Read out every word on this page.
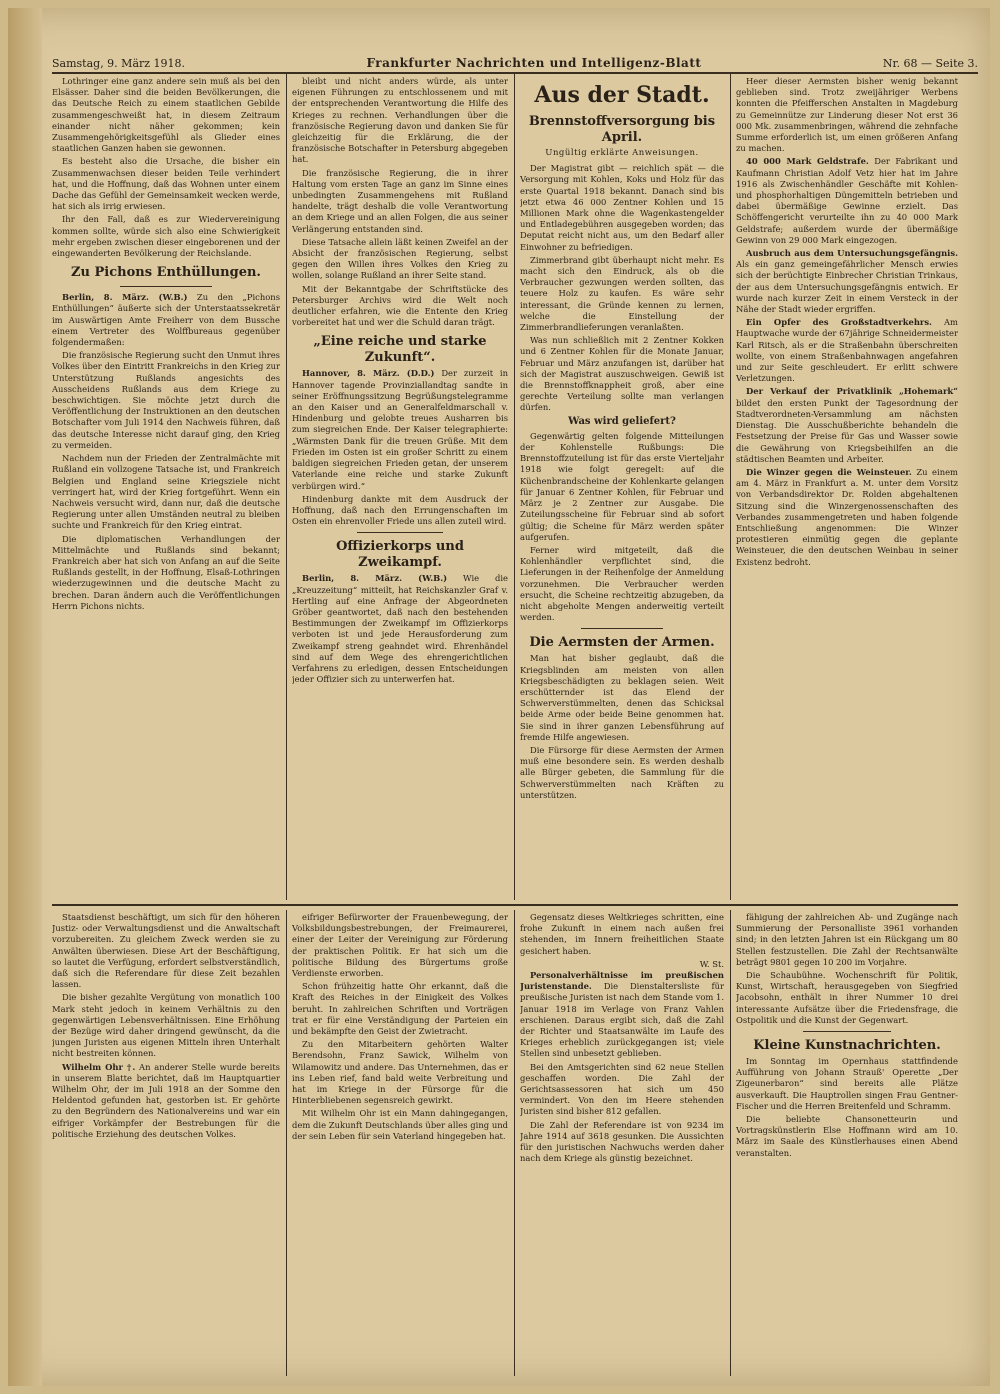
Samstag, 9. März 1918.	Frankfurter Nachrichten und Intelligenz-Blatt	Nr. 68 — Seite 3.

Lothringer eine ganz andere sein muß als bei den Elsässer. Daher sind die beiden Bevölkerungen, die das Deutsche Reich zu einem staatlichen Gebilde zusammengeschweißt hat, in diesem Zeitraum einander nicht näher gekommen; kein Zusammengehörigkeitsgefühl als Glieder eines staatlichen Ganzen haben sie gewonnen.

Es besteht also die Ursache, die bisher ein Zusammenwachsen dieser beiden Teile verhindert hat, und die Hoffnung, daß das Wohnen unter einem Dache das Gefühl der Gemeinsamkeit wecken werde, hat sich als irrig erwiesen.

Ihr den Fall, daß es zur Wiedervereinigung kommen sollte, würde sich also eine Schwierigkeit mehr ergeben zwischen dieser eingeborenen und der eingewanderten Bevölkerung der Reichslande.

Zu Pichons Enthüllungen.

Berlin, 8. März. (W.B.) Zu den „Pichons Enthüllungen“ äußerte sich der Unterstaatssekretär im Auswärtigen Amte Freiherr von dem Bussche einem Vertreter des Wolffbureaus gegenüber folgendermaßen:

Die französische Regierung sucht den Unmut ihres Volkes über den Eintritt Frankreichs in den Krieg zur Unterstützung Rußlands angesichts des Ausscheidens Rußlands aus dem Kriege zu beschwichtigen. Sie möchte jetzt durch die Veröffentlichung der Instruktionen an den deutschen Botschafter vom Juli 1914 den Nachweis führen, daß das deutsche Interesse nicht darauf ging, den Krieg zu vermeiden.

Nachdem nun der Frieden der Zentralmächte mit Rußland ein vollzogene Tatsache ist, und Frankreich Belgien und England seine Kriegsziele nicht verringert hat, wird der Krieg fortgeführt. Wenn ein Nachweis versucht wird, dann nur, daß die deutsche Regierung unter allen Umständen neutral zu bleiben suchte und Frankreich für den Krieg eintrat.

Die diplomatischen Verhandlungen der Mittelmächte und Rußlands sind bekannt; Frankreich aber hat sich von Anfang an auf die Seite Rußlands gestellt, in der Hoffnung, Elsaß-Lothringen wiederzugewinnen und die deutsche Macht zu brechen. Daran ändern auch die Veröffentlichungen Herrn Pichons nichts.

bleibt und nicht anders würde, als unter eigenen Führungen zu entschlossenem und mit der entsprechenden Verantwortung die Hilfe des Krieges zu rechnen. Verhandlungen über die französische Regierung davon und danken Sie für gleichzeitig für die Erklärung, die der französische Botschafter in Petersburg abgegeben hat.

Die französische Regierung, die in ihrer Haltung vom ersten Tage an ganz im Sinne eines unbedingten Zusammengehens mit Rußland handelte, trägt deshalb die volle Verantwortung an dem Kriege und an allen Folgen, die aus seiner Verlängerung entstanden sind.

Diese Tatsache allein läßt keinen Zweifel an der Absicht der französischen Regierung, selbst gegen den Willen ihres Volkes den Krieg zu wollen, solange Rußland an ihrer Seite stand.

Mit der Bekanntgabe der Schriftstücke des Petersburger Archivs wird die Welt noch deutlicher erfahren, wie die Entente den Krieg vorbereitet hat und wer die Schuld daran trägt.

„Eine reiche und starke Zukunft“.

Hannover, 8. März. (D.D.) Der zurzeit in Hannover tagende Provinziallandtag sandte in seiner Eröffnungssitzung Begrüßungstelegramme an den Kaiser und an Generalfeldmarschall v. Hindenburg und gelobte treues Ausharren bis zum siegreichen Ende. Der Kaiser telegraphierte: „Wärmsten Dank für die treuen Grüße. Mit dem Frieden im Osten ist ein großer Schritt zu einem baldigen siegreichen Frieden getan, der unserem Vaterlande eine reiche und starke Zukunft verbürgen wird.“

Hindenburg dankte mit dem Ausdruck der Hoffnung, daß nach den Errungenschaften im Osten ein ehrenvoller Friede uns allen zuteil wird.

Offizierkorps und Zweikampf.

Berlin, 8. März. (W.B.) Wie die „Kreuzzeitung“ mitteilt, hat Reichskanzler Graf v. Hertling auf eine Anfrage der Abgeordneten Gröber geantwortet, daß nach den bestehenden Bestimmungen der Zweikampf im Offizierkorps verboten ist und jede Herausforderung zum Zweikampf streng geahndet wird. Ehrenhändel sind auf dem Wege des ehrengerichtlichen Verfahrens zu erledigen, dessen Entscheidungen jeder Offizier sich zu unterwerfen hat.

Aus der Stadt.
Brennstoffversorgung bis April.
Ungültig erklärte Anweisungen.

Der Magistrat gibt — reichlich spät — die Versorgung mit Kohlen, Koks und Holz für das erste Quartal 1918 bekannt. Danach sind bis jetzt etwa 46 000 Zentner Kohlen und 15 Millionen Mark ohne die Wagenkastengelder und Entladegebühren ausgegeben worden; das Deputat reicht nicht aus, um den Bedarf aller Einwohner zu befriedigen.

Zimmerbrand gibt überhaupt nicht mehr. Es macht sich den Eindruck, als ob die Verbraucher gezwungen werden sollten, das teuere Holz zu kaufen. Es wäre sehr interessant, die Gründe kennen zu lernen, welche die Einstellung der Zimmerbrandlieferungen veranlaßten.

Was nun schließlich mit 2 Zentner Kokken und 6 Zentner Kohlen für die Monate Januar, Februar und März anzufangen ist, darüber hat sich der Magistrat auszuschweigen. Gewiß ist die Brennstoffknappheit groß, aber eine gerechte Verteilung sollte man verlangen dürfen.

Was wird geliefert?

Gegenwärtig gelten folgende Mitteilungen der Kohlenstelle Rußbungs: Die Brennstoffzuteilung ist für das erste Vierteljahr 1918 wie folgt geregelt: auf die Küchenbrandscheine der Kohlenkarte gelangen für Januar 6 Zentner Kohlen, für Februar und März je 2 Zentner zur Ausgabe. Die Zuteilungsscheine für Februar sind ab sofort gültig; die Scheine für März werden später aufgerufen.

Ferner wird mitgeteilt, daß die Kohlenhändler verpflichtet sind, die Lieferungen in der Reihenfolge der Anmeldung vorzunehmen. Die Verbraucher werden ersucht, die Scheine rechtzeitig abzugeben, da nicht abgeholte Mengen anderweitig verteilt werden.

Die Aermsten der Armen.

Man hat bisher geglaubt, daß die Kriegsblinden am meisten von allen Kriegsbeschädigten zu beklagen seien. Weit erschütternder ist das Elend der Schwerverstümmelten, denen das Schicksal beide Arme oder beide Beine genommen hat. Sie sind in ihrer ganzen Lebensführung auf fremde Hilfe angewiesen.

Die Fürsorge für diese Aermsten der Armen muß eine besondere sein. Es werden deshalb alle Bürger gebeten, die Sammlung für die Schwerverstümmelten nach Kräften zu unterstützen.

Heer dieser Aermsten bisher wenig bekannt geblieben sind. Trotz zweijähriger Werbens konnten die Pfeifferschen Anstalten in Magdeburg zu Gemeinnütze zur Linderung dieser Not erst 36 000 Mk. zusammenbringen, während die zehnfache Summe erforderlich ist, um einen größeren Anfang zu machen.

40 000 Mark Geldstrafe. Der Fabrikant und Kaufmann Christian Adolf Vetz hier hat im Jahre 1916 als Zwischenhändler Geschäfte mit Kohlen- und phosphorhaltigen Düngemitteln betrieben und dabei übermäßige Gewinne erzielt. Das Schöffengericht verurteilte ihn zu 40 000 Mark Geldstrafe; außerdem wurde der übermäßige Gewinn von 29 000 Mark eingezogen.

Ausbruch aus dem Untersuchungsgefängnis. Als ein ganz gemeingefährlicher Mensch erwies sich der berüchtigte Einbrecher Christian Trinkaus, der aus dem Untersuchungsgefängnis entwich. Er wurde nach kurzer Zeit in einem Versteck in der Nähe der Stadt wieder ergriffen.

Ein Opfer des Großstadtverkehrs. Am Hauptwache wurde der 67jährige Schneidermeister Karl Ritsch, als er die Straßenbahn überschreiten wollte, von einem Straßenbahnwagen angefahren und zur Seite geschleudert. Er erlitt schwere Verletzungen.

Der Verkauf der Privatklinik „Hohemark“ bildet den ersten Punkt der Tagesordnung der Stadtverordneten-Versammlung am nächsten Dienstag. Die Ausschußberichte behandeln die Festsetzung der Preise für Gas und Wasser sowie die Gewährung von Kriegsbeihilfen an die städtischen Beamten und Arbeiter.

Die Winzer gegen die Weinsteuer. Zu einem am 4. März in Frankfurt a. M. unter dem Vorsitz von Verbandsdirektor Dr. Rolden abgehaltenen Sitzung sind die Winzergenossenschaften des Verbandes zusammengetreten und haben folgende Entschließung angenommen: Die Winzer protestieren einmütig gegen die geplante Weinsteuer, die den deutschen Weinbau in seiner Existenz bedroht.

Staatsdienst beschäftigt, um sich für den höheren Justiz- oder Verwaltungsdienst und die Anwaltschaft vorzubereiten. Zu gleichem Zweck werden sie zu Anwälten überwiesen. Diese Art der Beschäftigung, so lautet die Verfügung, erfordert selbstverständlich, daß sich die Referendare für diese Zeit bezahlen lassen.

Die bisher gezahlte Vergütung von monatlich 100 Mark steht jedoch in keinem Verhältnis zu den gegenwärtigen Lebensverhältnissen. Eine Erhöhung der Bezüge wird daher dringend gewünscht, da die jungen Juristen aus eigenen Mitteln ihren Unterhalt nicht bestreiten können.

Wilhelm Ohr †. An anderer Stelle wurde bereits in unserem Blatte berichtet, daß im Hauptquartier Wilhelm Ohr, der im Juli 1918 an der Somme den Heldentod gefunden hat, gestorben ist. Er gehörte zu den Begründern des Nationalvereins und war ein eifriger Vorkämpfer der Bestrebungen für die politische Erziehung des deutschen Volkes.

eifriger Befürworter der Frauenbewegung, der Volksbildungsbestrebungen, der Freimaurerei, einer der Leiter der Vereinigung zur Förderung der praktischen Politik. Er hat sich um die politische Bildung des Bürgertums große Verdienste erworben.

Schon frühzeitig hatte Ohr erkannt, daß die Kraft des Reiches in der Einigkeit des Volkes beruht. In zahlreichen Schriften und Vorträgen trat er für eine Verständigung der Parteien ein und bekämpfte den Geist der Zwietracht.

Zu den Mitarbeitern gehörten Walter Berendsohn, Franz Sawick, Wilhelm von Wilamowitz und andere. Das Unternehmen, das er ins Leben rief, fand bald weite Verbreitung und hat im Kriege in der Fürsorge für die Hinterbliebenen segensreich gewirkt.

Mit Wilhelm Ohr ist ein Mann dahingegangen, dem die Zukunft Deutschlands über alles ging und der sein Leben für sein Vaterland hingegeben hat.

Gegensatz dieses Weltkrieges schritten, eine frohe Zukunft in einem nach außen frei stehenden, im Innern freiheitlichen Staate gesichert haben.

W. St.

Personalverhältnisse im preußischen Juristenstande. Die Dienstaltersliste für preußische Juristen ist nach dem Stande vom 1. Januar 1918 im Verlage von Franz Vahlen erschienen. Daraus ergibt sich, daß die Zahl der Richter und Staatsanwälte im Laufe des Krieges erheblich zurückgegangen ist; viele Stellen sind unbesetzt geblieben.

Bei den Amtsgerichten sind 62 neue Stellen geschaffen worden. Die Zahl der Gerichtsassessoren hat sich um 450 vermindert. Von den im Heere stehenden Juristen sind bisher 812 gefallen.

Die Zahl der Referendare ist von 9234 im Jahre 1914 auf 3618 gesunken. Die Aussichten für den juristischen Nachwuchs werden daher nach dem Kriege als günstig bezeichnet.

fähigung der zahlreichen Ab- und Zugänge nach Summierung der Personalliste 3961 vorhanden sind; in den letzten Jahren ist ein Rückgang um 80 Stellen festzustellen. Die Zahl der Rechtsanwälte beträgt 9801 gegen 10 200 im Vorjahre.

Die Schaubühne. Wochenschrift für Politik, Kunst, Wirtschaft, herausgegeben von Siegfried Jacobsohn, enthält in ihrer Nummer 10 drei interessante Aufsätze über die Friedensfrage, die Ostpolitik und die Kunst der Gegenwart.

Kleine Kunstnachrichten.

Im Sonntag im Opernhaus stattfindende Aufführung von Johann Strauß' Operette „Der Zigeunerbaron“ sind bereits alle Plätze ausverkauft. Die Hauptrollen singen Frau Gentner-Fischer und die Herren Breitenfeld und Schramm.

Die beliebte Chansonetteurin und Vortragskünstlerin Else Hoffmann wird am 10. März im Saale des Künstlerhauses einen Abend veranstalten.
